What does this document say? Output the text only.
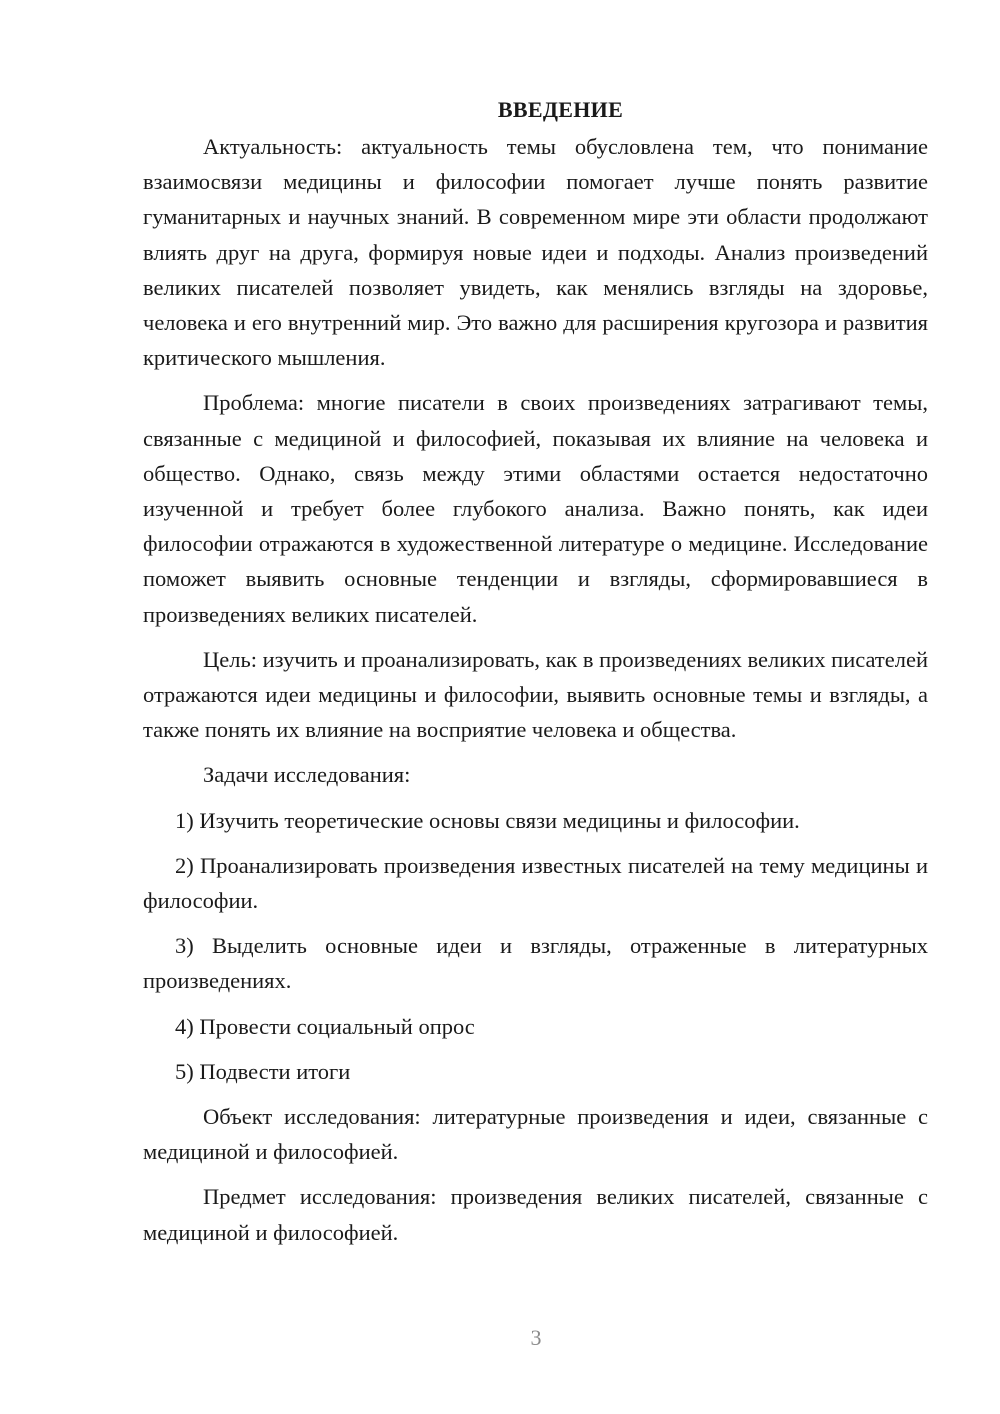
ВВЕДЕНИЕ

Актуальность: актуальность темы обусловлена тем, что понимание взаимосвязи медицины и философии помогает лучше понять развитие гуманитарных и научных знаний. В современном мире эти области продолжают влиять друг на друга, формируя новые идеи и подходы. Анализ произведений великих писателей позволяет увидеть, как менялись взгляды на здоровье, человека и его внутренний мир. Это важно для расширения кругозора и развития критического мышления.

Проблема: многие писатели в своих произведениях затрагивают темы, связанные с медициной и философией, показывая их влияние на человека и общество. Однако, связь между этими областями остается недостаточно изученной и требует более глубокого анализа. Важно понять, как идеи философии отражаются в художественной литературе о медицине. Исследование поможет выявить основные тенденции и взгляды, сформировавшиеся в произведениях великих писателей.

Цель: изучить и проанализировать, как в произведениях великих писателей отражаются идеи медицины и философии, выявить основные темы и взгляды, а также понять их влияние на восприятие человека и общества.

Задачи исследования:

1) Изучить теоретические основы связи медицины и философии.

2) Проанализировать произведения известных писателей на тему медицины и философии.

3) Выделить основные идеи и взгляды, отраженные в литературных произведениях.

4) Провести социальный опрос

5) Подвести итоги

Объект исследования: литературные произведения и идеи, связанные с медициной и философией.

Предмет исследования: произведения великих писателей, связанные с медициной и философией.

3
